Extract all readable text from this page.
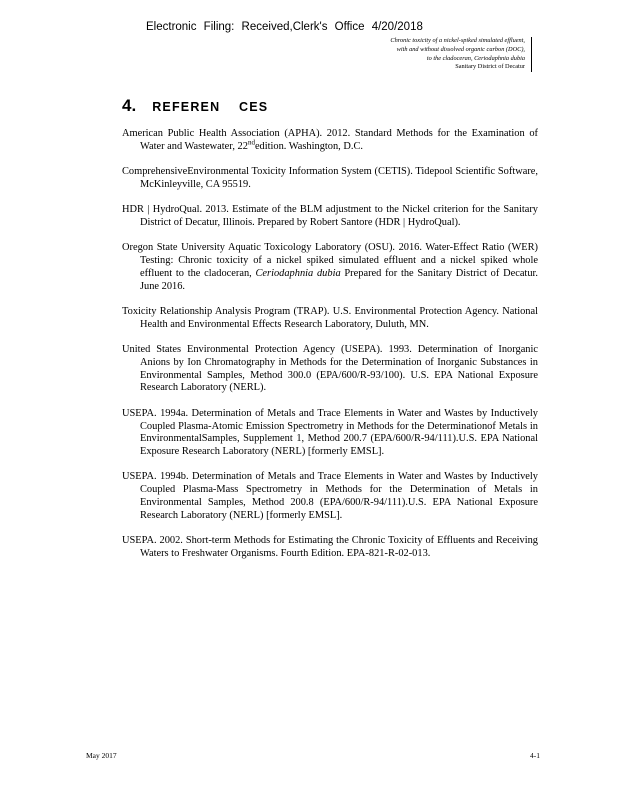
Electronic Filing: Received,Clerk's Office 4/20/2018
Chronic toxicity of a nickel-spiked simulated effluent,
with and without dissolved organic carbon (DOC),
to the cladoceran, Ceriodaphnia dubia
Sanitary District of Decatur
4. REFEREN    CES

American Public Health Association (APHA). 2012. Standard Methods for the Examination of Water and Wastewater, 22ndedition. Washington, D.C.

ComprehensiveEnvironmental Toxicity Information System (CETIS). Tidepool Scientific Software, McKinleyville, CA 95519.

HDR | HydroQual. 2013. Estimate of the BLM adjustment to the Nickel criterion for the Sanitary District of Decatur, Illinois. Prepared by Robert Santore (HDR | HydroQual).

Oregon State University Aquatic Toxicology Laboratory (OSU). 2016. Water-Effect Ratio (WER) Testing: Chronic toxicity of a nickel spiked simulated effluent and a nickel spiked whole effluent to the cladoceran, Ceriodaphnia dubia Prepared for the Sanitary District of Decatur. June 2016.

Toxicity Relationship Analysis Program (TRAP). U.S. Environmental Protection Agency. National Health and Environmental Effects Research Laboratory, Duluth, MN.

United States Environmental Protection Agency (USEPA). 1993. Determination of Inorganic Anions by Ion Chromatography in Methods for the Determination of Inorganic Substances in Environmental Samples, Method 300.0 (EPA/600/R-93/100). U.S. EPA National Exposure Research Laboratory (NERL).

USEPA. 1994a. Determination of Metals and Trace Elements in Water and Wastes by Inductively Coupled Plasma-Atomic Emission Spectrometry in Methods for the Determinationof Metals in EnvironmentalSamples, Supplement 1, Method 200.7 (EPA/600/R-94/111).U.S. EPA National Exposure Research Laboratory (NERL) [formerly EMSL].

USEPA. 1994b. Determination of Metals and Trace Elements in Water and Wastes by Inductively Coupled Plasma-Mass Spectrometry in Methods for the Determination of Metals in Environmental Samples, Method 200.8 (EPA/600/R-94/111).U.S. EPA National Exposure Research Laboratory (NERL) [formerly EMSL].

USEPA. 2002. Short-term Methods for Estimating the Chronic Toxicity of Effluents and Receiving Waters to Freshwater Organisms. Fourth Edition. EPA-821-R-02-013.

May 2017	4-1
